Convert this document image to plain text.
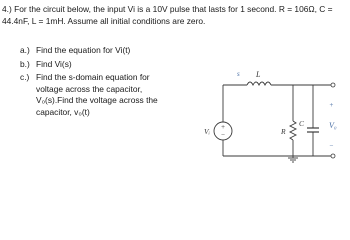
4.) For the circuit below, the input Vi is a 10V pulse that lasts for 1 second. R = 106Ω, C = 44.4nF, L = 1mH. Assume all initial conditions are zero.
a.) Find the equation for Vi(t)
b.) Find Vi(s)
c.) Find the s-domain equation for voltage across the capacitor, V₀(s).Find the voltage across the capacitor, v₀(t)
+
−
s L
Vᵢ	R
C
+
V₀
−
